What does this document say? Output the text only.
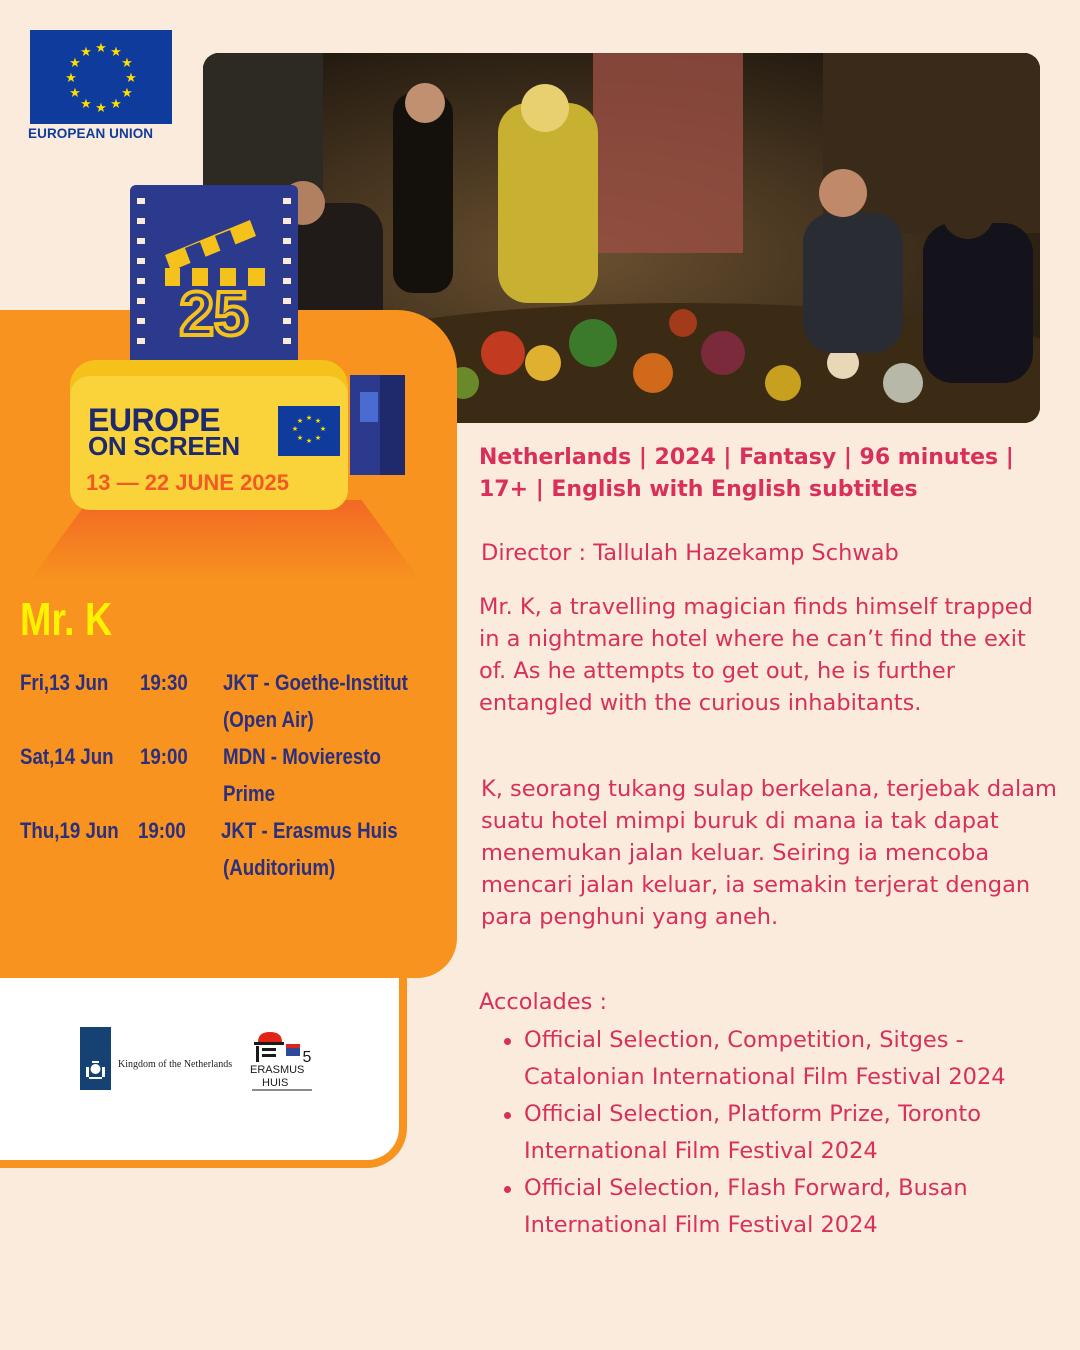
★ ★
★
★
★
★
★
★
★
★
★
★
EUROPEAN UNION
25
★ ★
★
★
★
★
★
★
EUROPE
ON SCREEN
13 — 22 JUNE 2025
Mr. K
Fri,13 Jun 19:30 JKT - Goethe-Institut
(Open Air)
Sat,14 Jun 19:00 MDN - Movieresto
Prime
Thu,19 Jun 19:00 JKT - Erasmus Huis
(Auditorium)
Kingdom of the Netherlands	5
ERASMUS
HUIS
Netherlands | 2024 | Fantasy | 96 minutes | 17+ | English with English subtitles
Director : Tallulah Hazekamp Schwab
Mr. K, a travelling magician finds himself trapped in a nightmare hotel where he can’t find the exit of. As he attempts to get out, he is further entangled with the curious inhabitants.
K, seorang tukang sulap berkelana, terjebak dalam suatu hotel mimpi buruk di mana ia tak dapat menemukan jalan keluar. Seiring ia mencoba mencari jalan keluar, ia semakin terjerat dengan para penghuni yang aneh.
Accolades :
Official Selection, Competition, Sitges - Catalonian International Film Festival 2024
Official Selection, Platform Prize, Toronto International Film Festival 2024
Official Selection, Flash Forward, Busan International Film Festival 2024
